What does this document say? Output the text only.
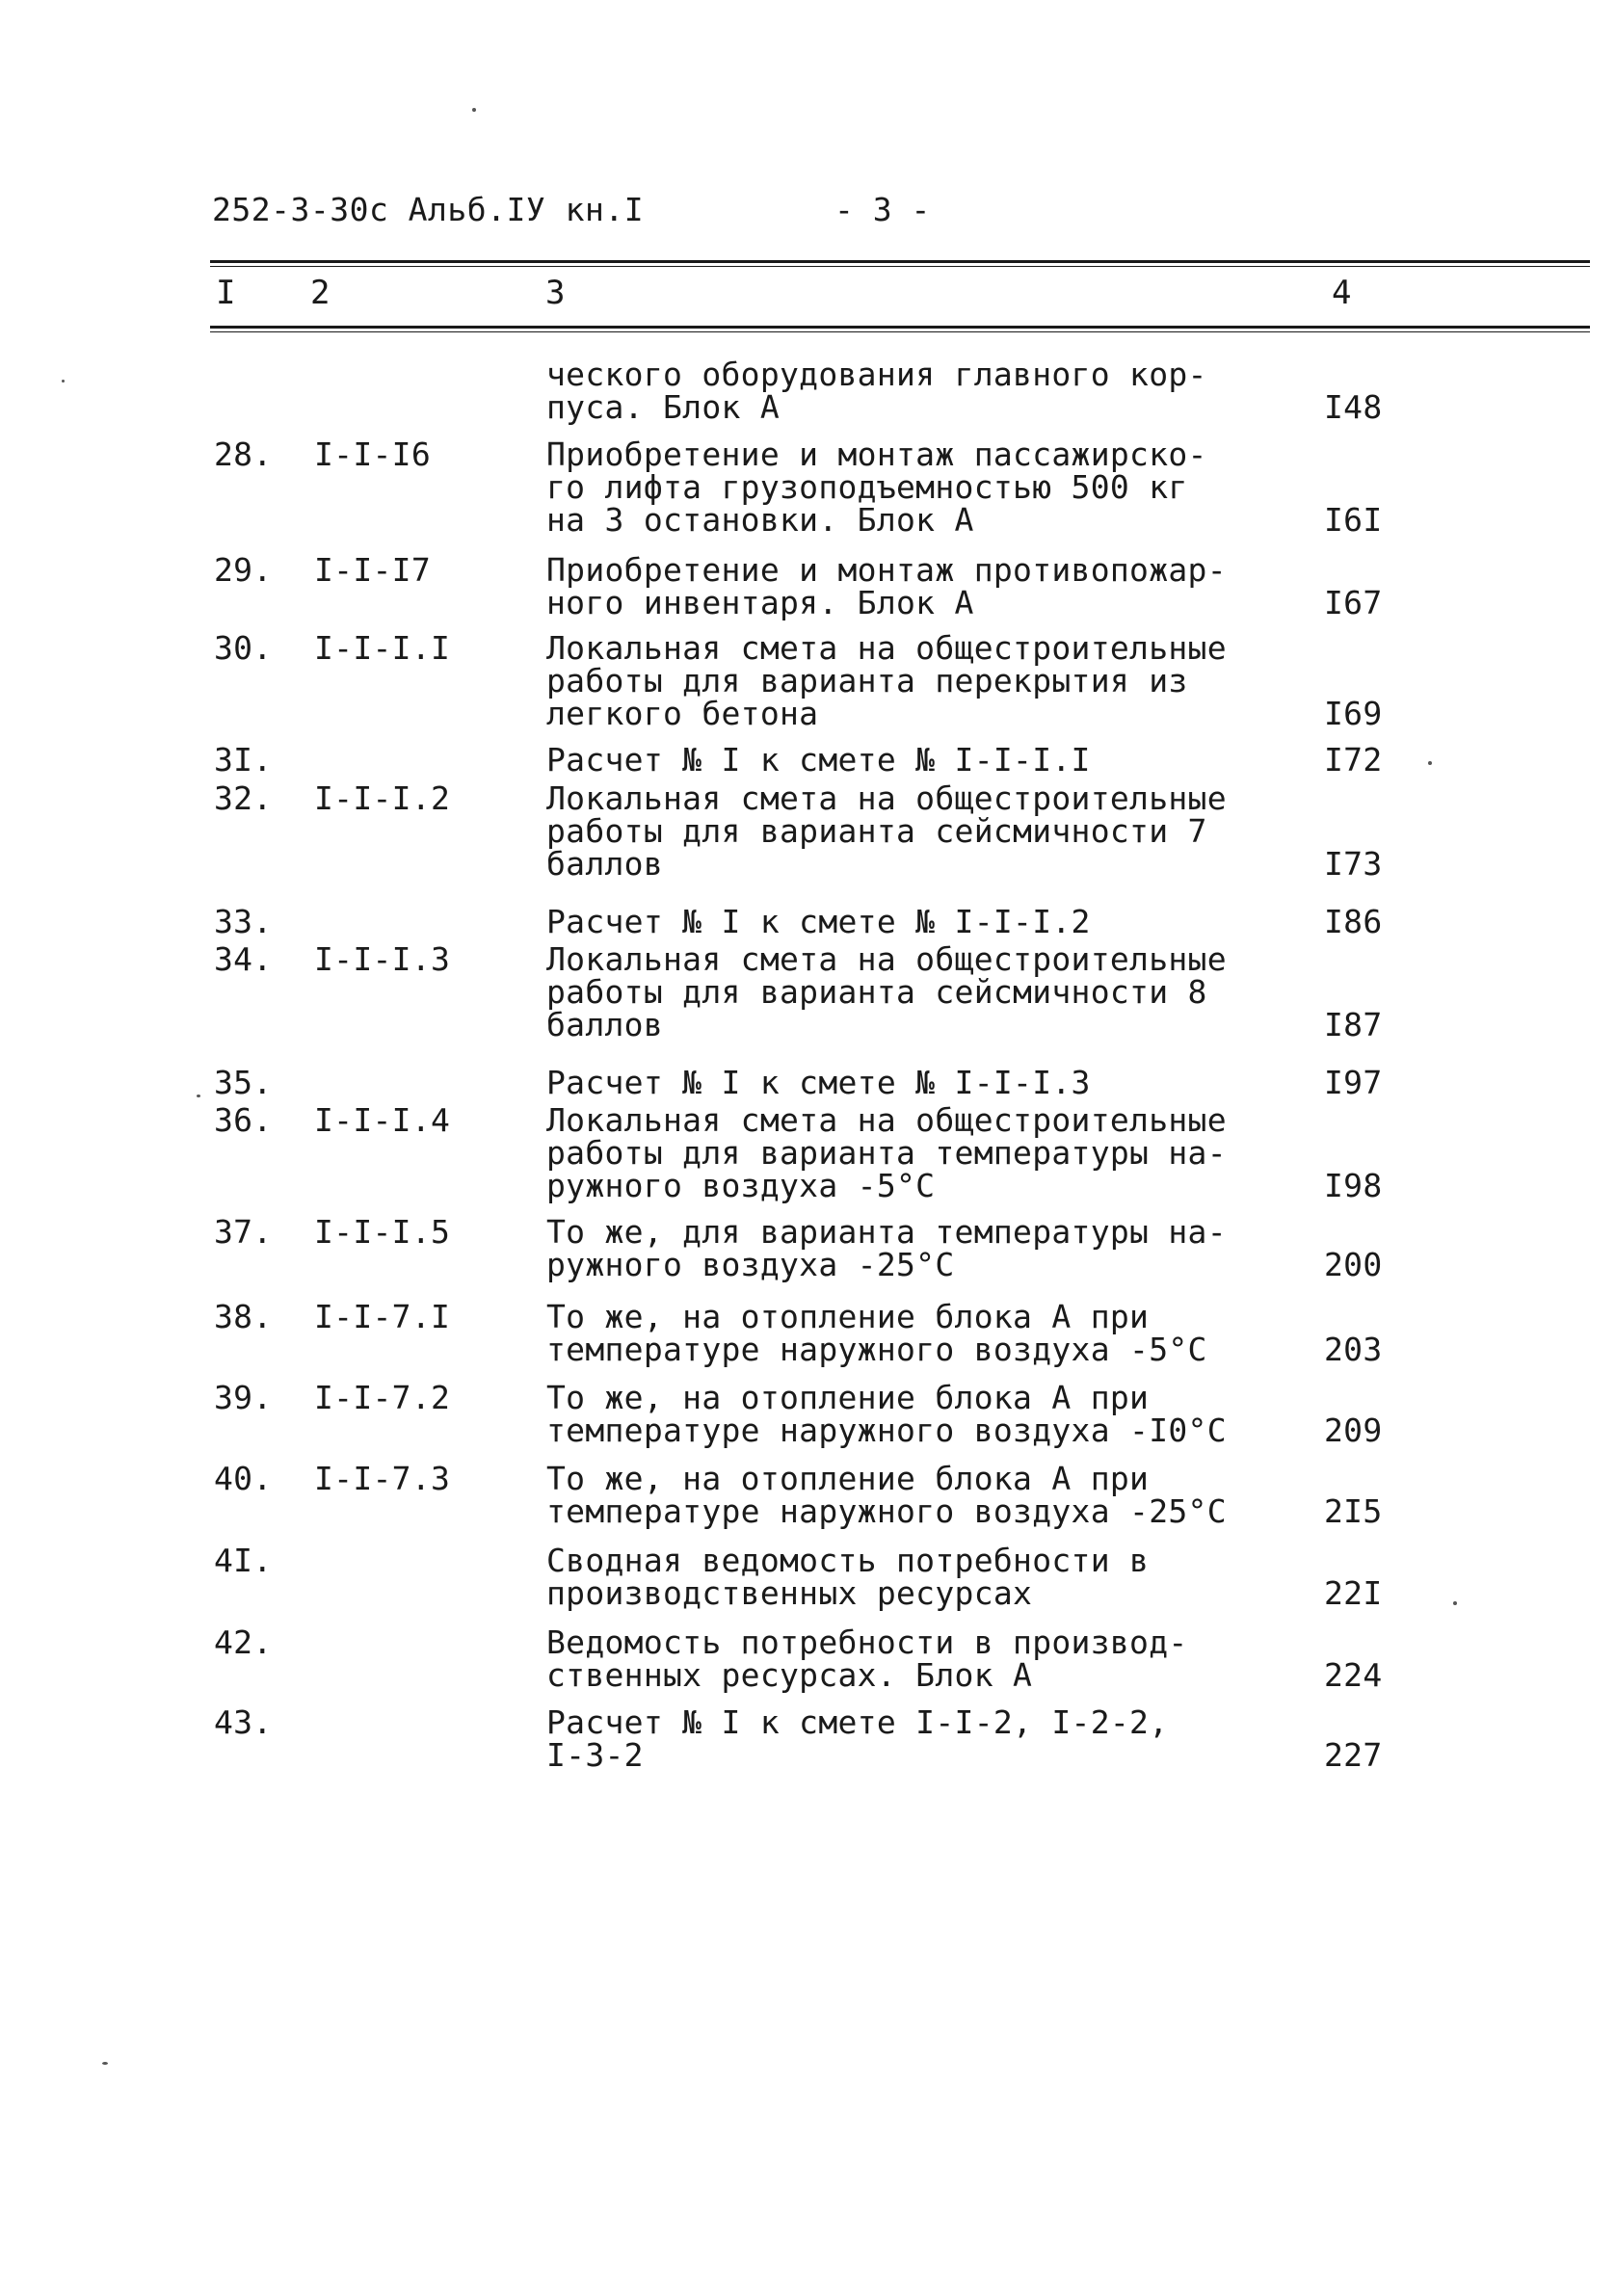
252-3-30с Альб.IУ кн.I	- 3 -
I 2	3	4
ческого оборудования главного кор-
пуса. Блок А	I48
28. I-I-I6	Приобретение и монтаж пассажирско-
го лифта грузоподъемностью 500 кг
на 3 остановки. Блок А	I6I
29. I-I-I7	Приобретение и монтаж противопожар-
ного инвентаря. Блок А	I67
30. I-I-I.I	Локальная смета на общестроительные
работы для варианта перекрытия из
легкого бетона	I69
3I.	Расчет № I к смете № I-I-I.I	I72
32. I-I-I.2	Локальная смета на общестроительные
работы для варианта сейсмичности 7
баллов	I73
33.	Расчет № I к смете № I-I-I.2	I86
34. I-I-I.3	Локальная смета на общестроительные
работы для варианта сейсмичности 8
баллов	I87
35.	Расчет № I к смете № I-I-I.3	I97
36. I-I-I.4	Локальная смета на общестроительные
работы для варианта температуры на-
ружного воздуха -5°С	I98
37. I-I-I.5	То же, для варианта температуры на-
ружного воздуха -25°С	200
38. I-I-7.I	То же, на отопление блока А при
температуре наружного воздуха -5°С	203
39. I-I-7.2	То же, на отопление блока А при
температуре наружного воздуха -I0°С	209
40. I-I-7.3	То же, на отопление блока А при
температуре наружного воздуха -25°С	2I5
4I.	Сводная ведомость потребности в
производственных ресурсах	22I
42.	Ведомость потребности в производ-
ственных ресурсах. Блок А	224
43.	Расчет № I к смете I-I-2, I-2-2,
I-3-2	227
